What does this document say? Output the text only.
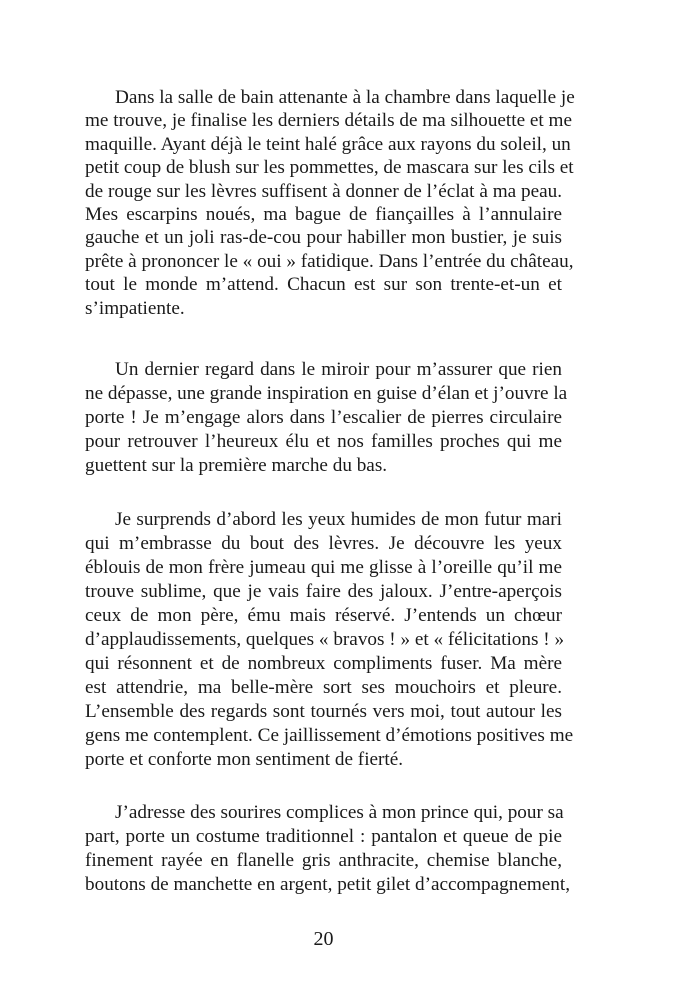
Dans la salle de bain attenante à la chambre dans laquelle je
me trouve, je finalise les derniers détails de ma silhouette et me
maquille. Ayant déjà le teint halé grâce aux rayons du soleil, un
petit coup de blush sur les pommettes, de mascara sur les cils et
de rouge sur les lèvres suffisent à donner de l’éclat à ma peau.
Mes escarpins noués, ma bague de fiançailles à l’annulaire
gauche et un joli ras-de-cou pour habiller mon bustier, je suis
prête à prononcer le « oui » fatidique. Dans l’entrée du château,
tout le monde m’attend. Chacun est sur son trente-et-un et
s’impatiente.
Un dernier regard dans le miroir pour m’assurer que rien
ne dépasse, une grande inspiration en guise d’élan et j’ouvre la
porte ! Je m’engage alors dans l’escalier de pierres circulaire
pour retrouver l’heureux élu et nos familles proches qui me
guettent sur la première marche du bas.
Je surprends d’abord les yeux humides de mon futur mari
qui m’embrasse du bout des lèvres. Je découvre les yeux
éblouis de mon frère jumeau qui me glisse à l’oreille qu’il me
trouve sublime, que je vais faire des jaloux. J’entre-aperçois
ceux de mon père, ému mais réservé. J’entends un chœur
d’applaudissements, quelques « bravos ! » et « félicitations ! »
qui résonnent et de nombreux compliments fuser. Ma mère
est attendrie, ma belle-mère sort ses mouchoirs et pleure.
L’ensemble des regards sont tournés vers moi, tout autour les
gens me contemplent. Ce jaillissement d’émotions positives me
porte et conforte mon sentiment de fierté.
J’adresse des sourires complices à mon prince qui, pour sa
part, porte un costume traditionnel : pantalon et queue de pie
finement rayée en flanelle gris anthracite, chemise blanche,
boutons de manchette en argent, petit gilet d’accompagnement,
20
